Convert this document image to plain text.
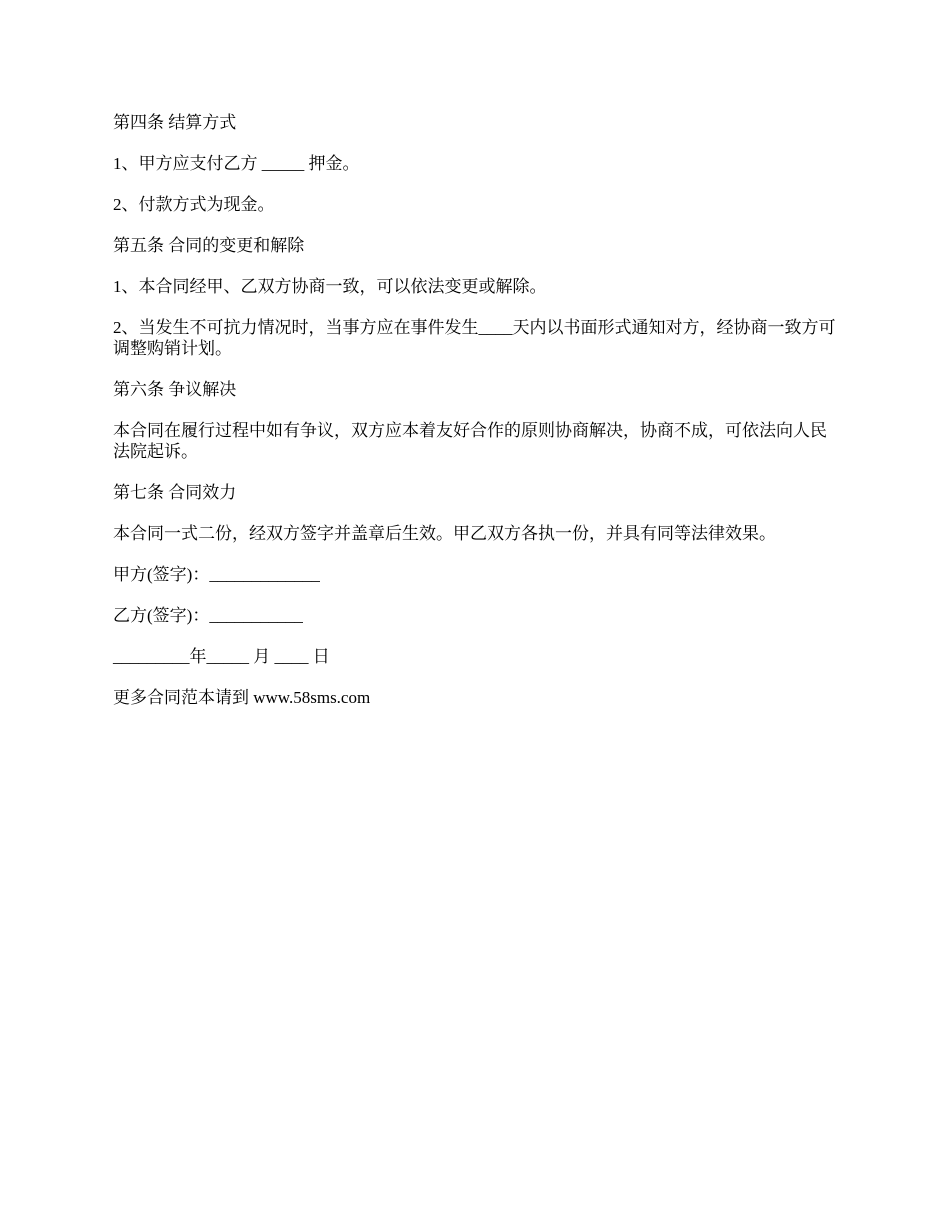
第四条 结算方式

1、甲方应支付乙方 _____ 押金。

2、付款方式为现金。

第五条 合同的变更和解除

1、本合同经甲、乙双方协商一致，可以依法变更或解除。

2、当发生不可抗力情况时，当事方应在事件发生____天内以书面形式通知对方，经协商一致方可调整购销计划。

第六条 争议解决

本合同在履行过程中如有争议，双方应本着友好合作的原则协商解决，协商不成，可依法向人民法院起诉。

第七条 合同效力

本合同一式二份，经双方签字并盖章后生效。甲乙双方各执一份，并具有同等法律效果。

甲方(签字)：_____________

乙方(签字)：___________

_________年_____ 月 ____ 日

更多合同范本请到 www.58sms.com
